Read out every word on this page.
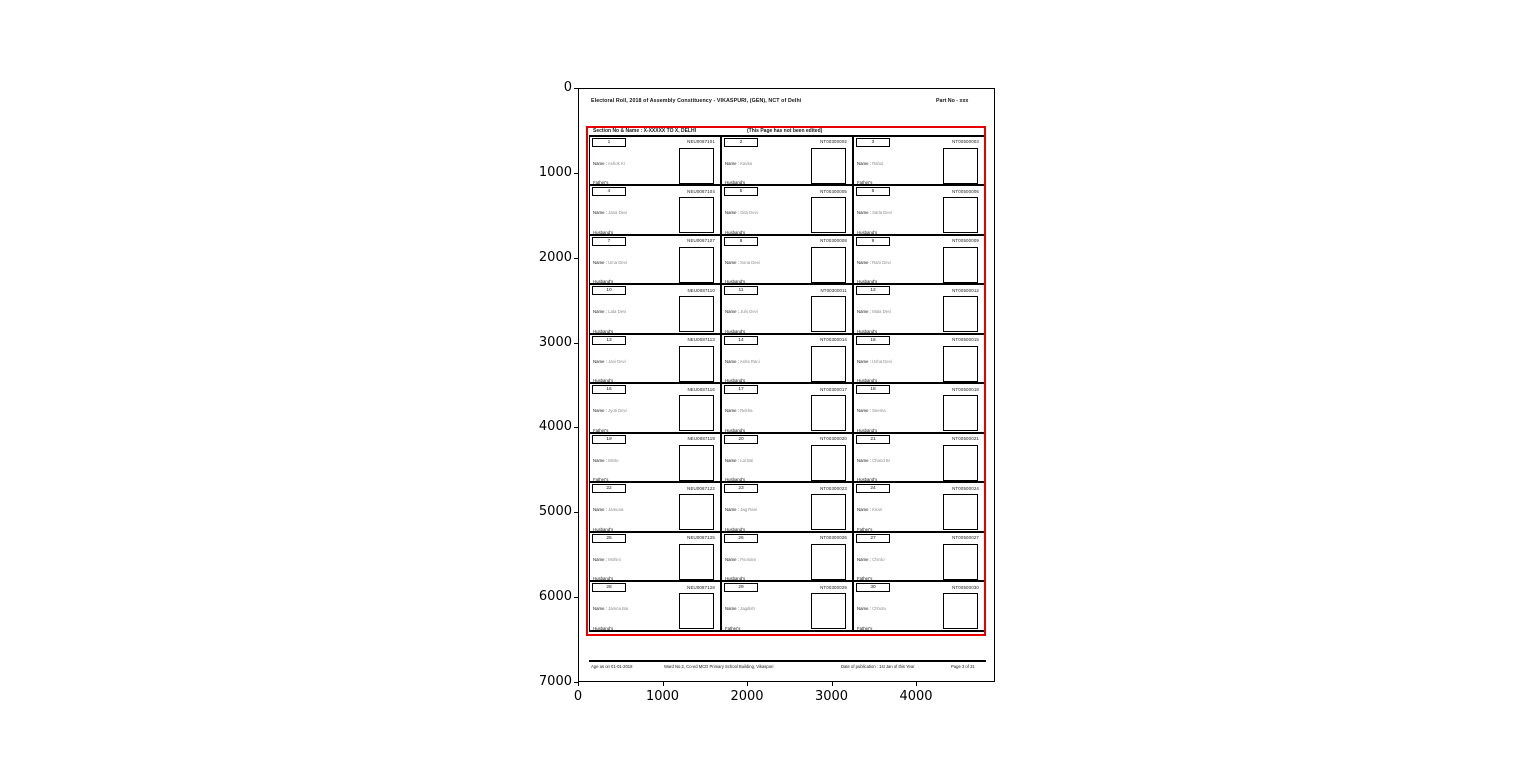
0
1000
2000
3000
4000
5000
6000
7000
0	1000	2000	3000	4000
Electoral Roll, 2018 of Assembly Constituency - VIKASPURI, (GEN), NCT of Delhi	Part No - xxx
Section No & Name : X-XXXXX TO X, DELHI	(This Page has not been edited)
1	NEU0087101

Name : Ashok Kr

Father's

2	NT00300002

Name : Kavita

Husband's

3	NT00500003

Name : Rahul

Father's

4	NEU0087104

Name : Jana Devi

Husband's

5	NT00300005

Name : Gita Devi

Husband's

6	NT00500006

Name : Sarla Devi

Husband's

7	NEU0087107

Name : Uma Devi

Husband's

8	NT00300008

Name : Sona Devi

Husband's

9	NT00500009

Name : Rani Devi

Husband's

10	NEU0087110

Name : Lata Devi

Husband's

11	NT00300011

Name : Juhi Devi

Husband's

12	NT00500012

Name : Mala Devi

Husband's

13	NEU0087113

Name : Jani Devi

Husband's

14	NT00300014

Name : Asha Rani

Husband's

15	NT00500015

Name : Usha Devi

Husband's

16	NEU0087116

Name : Jyoti Devi

Father's

17	NT00300017

Name : Rekha

Husband's

18	NT00500018

Name : Seema

Husband's

19	NEU0087119

Name : Minto

Father's

20	NT00300020

Name : Lal Bai

Husband's

21	NT00500021

Name : Chand Bi

Husband's

22	NEU0087122

Name : Jamuna

Husband's

23	NT00300023

Name : Jag Rani

Husband's

24	NT00500024

Name : Kiran

Father's

25	NEU0087125

Name : Mohini

Husband's

26	NT00300026

Name : Poonam

Husband's

27	NT00500027

Name : Chinto

Father's

28	NEU0087128

Name : Jamna Bai

Husband's

29	NT00300029

Name : Jagdish

Father's

30	NT00500030

Name : Chhotu

Father's

Age as on 01-01-2018	Ward No.2, Co-ed MCD Primary School Building, Vikaspuri	Date of publication : 1st Jan of this Year	Page 3 of 31
